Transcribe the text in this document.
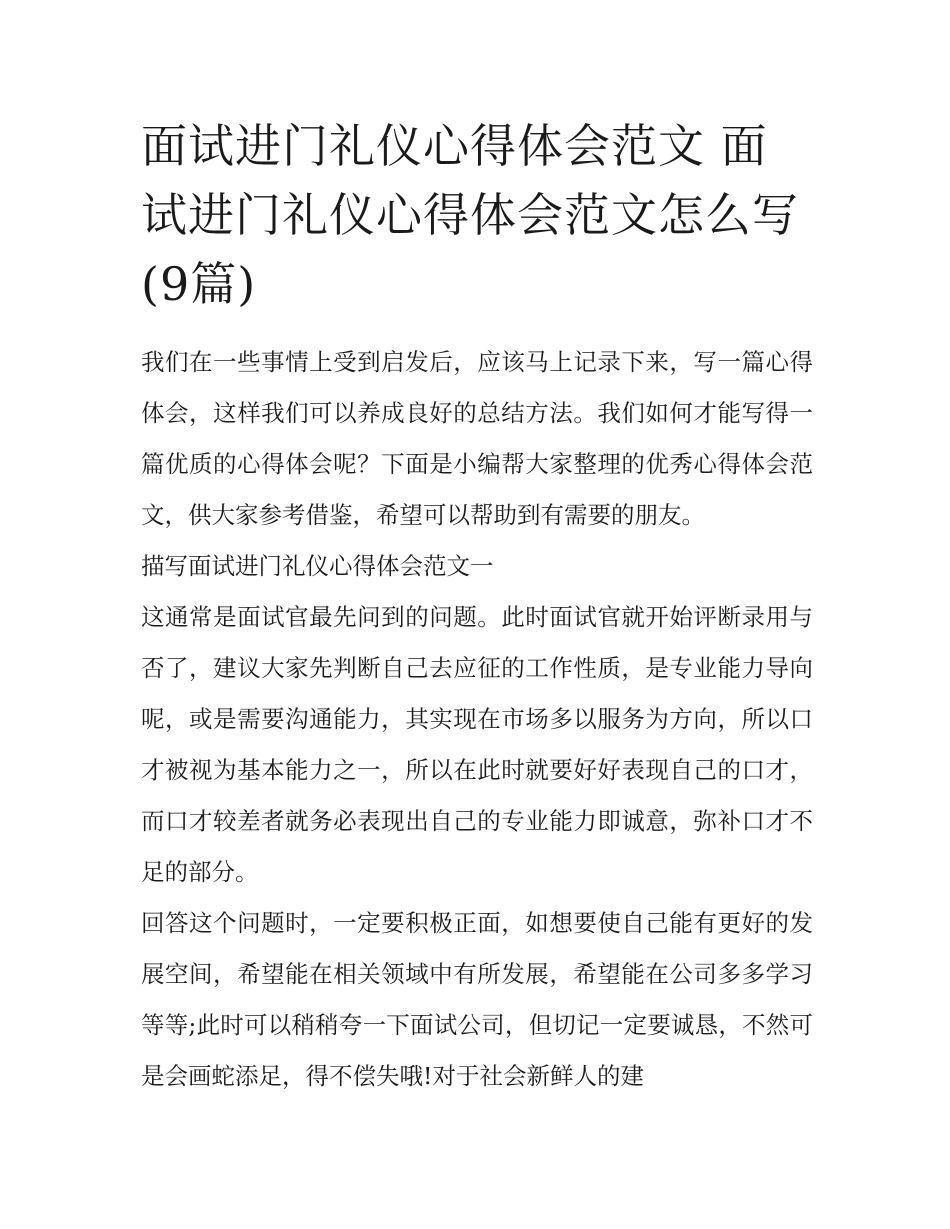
面试进门礼仪心得体会范文 面试进门礼仪心得体会范文怎么写(9篇)

我们在一些事情上受到启发后，应该马上记录下来，写一篇心得体会，这样我们可以养成良好的总结方法。我们如何才能写得一篇优质的心得体会呢？下面是小编帮大家整理的优秀心得体会范文，供大家参考借鉴，希望可以帮助到有需要的朋友。

描写面试进门礼仪心得体会范文一

这通常是面试官最先问到的问题。此时面试官就开始评断录用与否了，建议大家先判断自己去应征的工作性质，是专业能力导向呢，或是需要沟通能力，其实现在市场多以服务为方向，所以口才被视为基本能力之一，所以在此时就要好好表现自己的口才，而口才较差者就务必表现出自己的专业能力即诚意，弥补口才不足的部分。

回答这个问题时，一定要积极正面，如想要使自己能有更好的发展空间，希望能在相关领域中有所发展，希望能在公司多多学习等等;此时可以稍稍夸一下面试公司，但切记一定要诚恳，不然可是会画蛇添足，得不偿失哦!对于社会新鲜人的建
